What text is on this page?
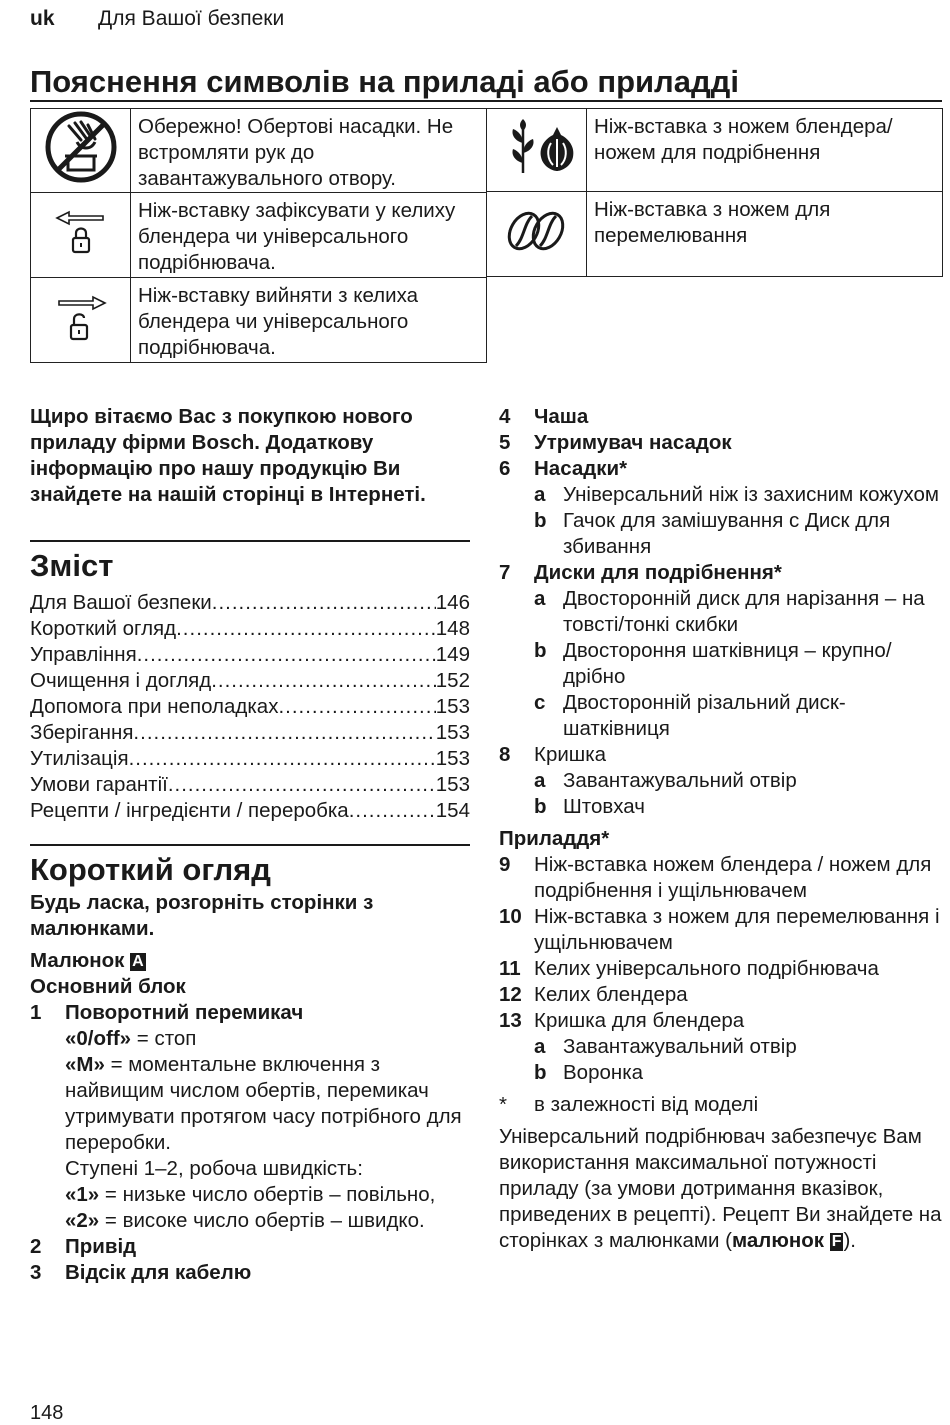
uk Для Вашої безпеки
Пояснення символів на приладі або приладді
	Обережно! Обертові насадки. Не встромляти рук до завантажувального отвору.
	Ніж-вставку зафіксувати у келиху блендера чи універсального подрібнювача.
	Ніж-вставку вийняти з келиха блендера чи універсального подрібнювача.
	Ніж-вставка з ножем блендера/ ножем для подрібнення
	Ніж-вставка з ножем для перемелювання

Щиро вітаємо Вас з покупкою нового приладу фірми Bosch. Додаткову інформацію про нашу продукцію Ви знайдете на нашій сторінці в Інтернеті.

Зміст
Для Вашої безпеки .....	146
Короткий огляд .....	148
Управління .....	149
Очищення і догляд .....	152
Допомога при неполадках .....	153
Зберігання .....	153
Утилізація .....	153
Умови гарантії .....	153
Рецепти / інгредієнти / переробка .....	154
Короткий огляд
Будь ласка, розгорніть сторінки з малюнками.
Малюнок A
Основний блок
1	Поворотний перемикач
«0/off» = стоп
«M» = моментальне включення з найвищим числом обертів, перемикач утримувати протягом часу потрібного для переробки.
Ступені 1–2, робоча швидкість:
«1» = низьке число обертів – повільно,
«2» = високе число обертів – швидко.
2	Привід
3	Відсік для кабелю
4	Чаша
5	Утримувач насадок
6	Насадки*
a Універсальний ніж із захисним кожухом
b Гачок для замішування с Диск для збивання
7	Диски для подрібнення*
a Двосторонній диск для нарізання – на товсті/тонкі скибки
b Двостороння шатківниця – крупно/ дрібно
c Двосторонній різальний диск-шатківниця
8	Кришка
a Завантажувальний отвір
b Штовхач
Приладдя*
9	Ніж-вставка ножем блендера / ножем для подрібнення і ущільнювачем
10 Ніж-вставка з ножем для перемелювання і ущільнювачем
11 Келих універсального подрібнювача
12 Келих блендера
13 Кришка для блендера
a Завантажувальний отвір
b Воронка
*	в залежності від моделі

Універсальний подрібнювач забезпечує Вам використання максимальної потужності приладу (за умови дотримання вказівок, приведених в рецепті). Рецепт Ви знайдете на сторінках з малюнками (малюнок F).

148
